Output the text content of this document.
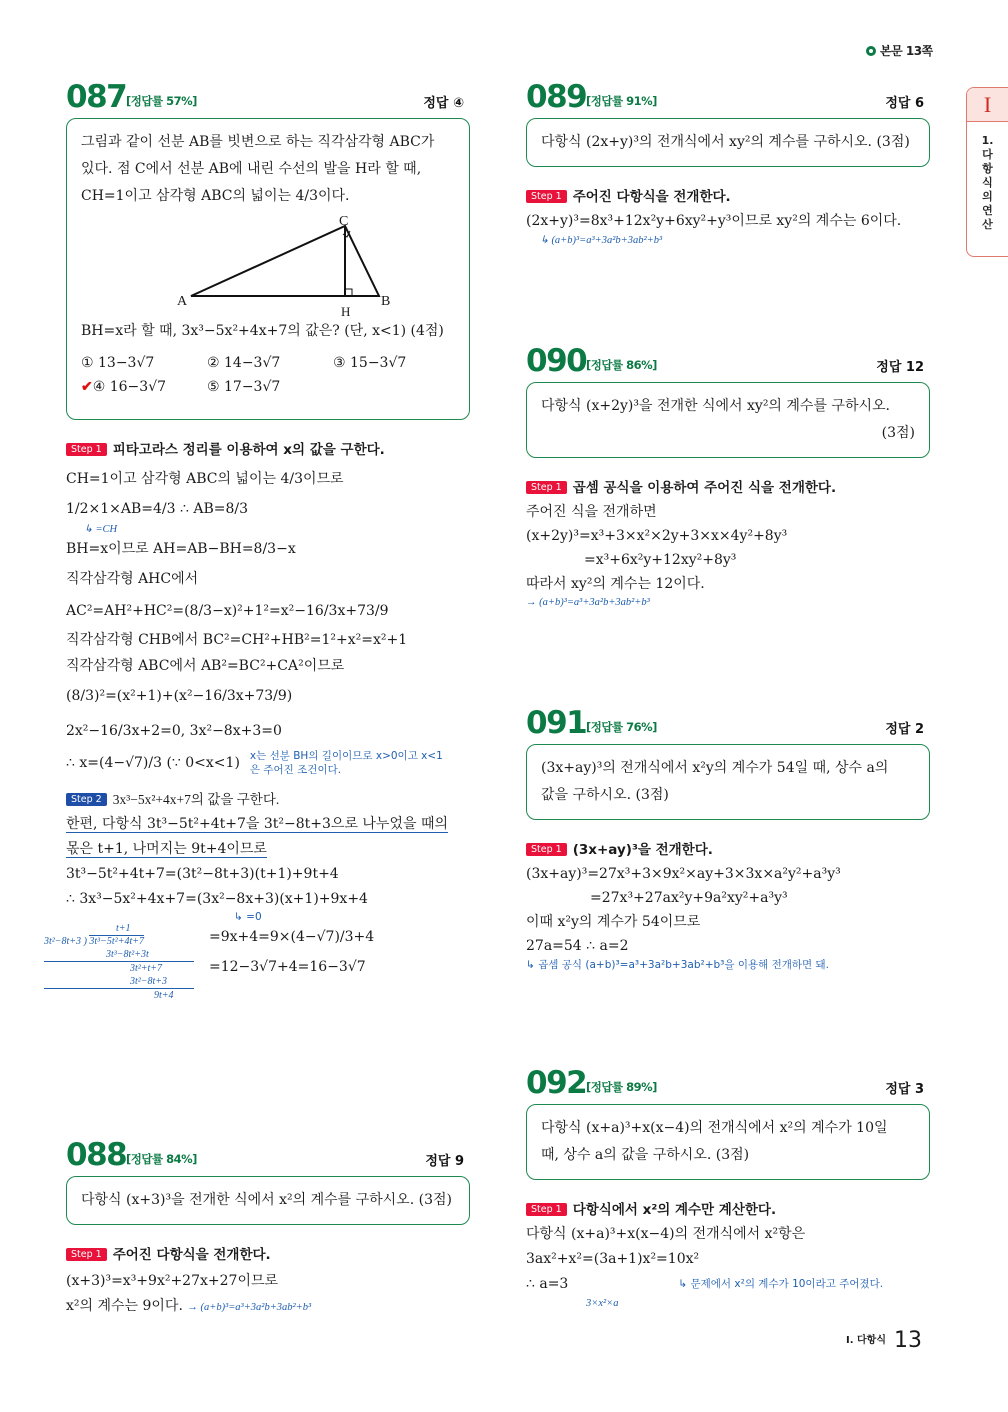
본문 13쪽
I
1.다항식의연산
087 [정답률 57%]	정답 ④
그림과 같이 선분 AB를 빗변으로 하는 직각삼각형 ABC가
있다. 점 C에서 선분 AB에 내린 수선의 발을 H라 할 때,
CH=1이고 삼각형 ABC의 넓이는 4/3이다.
A	B
C
H
BH=x라 할 때, 3x³−5x²+4x+7의 값은? (단, x<1) (4점)
① 13−3√7	② 14−3√7	③ 15−3√7
✔④ 16−3√7	⑤ 17−3√7
Step 1 피타고라스 정리를 이용하여 x의 값을 구한다.
CH=1이고 삼각형 ABC의 넓이는 4/3이므로
1/2×1×AB=4/3 ∴ AB=8/3
↳ =CH
BH=x이므로 AH=AB−BH=8/3−x
직각삼각형 AHC에서
AC²=AH²+HC²=(8/3−x)²+1²=x²−16/3x+73/9
직각삼각형 CHB에서 BC²=CH²+HB²=1²+x²=x²+1
직각삼각형 ABC에서 AB²=BC²+CA²이므로
(8/3)²=(x²+1)+(x²−16/3x+73/9)
2x²−16/3x+2=0, 3x²−8x+3=0
∴ x=(4−√7)/3 (∵ 0<x<1) x는 선분 BH의 길이이므로 x>0이고 x<1은 주어진 조건이다.
Step 2 3x³−5x²+4x+7의 값을 구한다.
한편, 다항식 3t³−5t²+4t+7을 3t²−8t+3으로 나누었을 때의
몫은 t+1, 나머지는 9t+4이므로
3t³−5t²+4t+7=(3t²−8t+3)(t+1)+9t+4
∴ 3x³−5x²+4x+7=(3x²−8x+3)(x+1)+9x+4
↳ =0
t+1
3t²−8t+3 ) 3t³−5t²+4t+7
3t³−8t²+3t
3t²+t+7
3t²−8t+3
9t+4
=9x+4=9×(4−√7)/3+4
=12−3√7+4=16−3√7
088 [정답률 84%]	정답 9
다항식 (x+3)³을 전개한 식에서 x²의 계수를 구하시오. (3점)
Step 1 주어진 다항식을 전개한다.
(x+3)³=x³+9x²+27x+27이므로
x²의 계수는 9이다. → (a+b)³=a³+3a²b+3ab²+b³
089 [정답률 91%]	정답 6
다항식 (2x+y)³의 전개식에서 xy²의 계수를 구하시오. (3점)
Step 1 주어진 다항식을 전개한다.
(2x+y)³=8x³+12x²y+6xy²+y³이므로 xy²의 계수는 6이다.
↳ (a+b)³=a³+3a²b+3ab²+b³
090 [정답률 86%]	정답 12
다항식 (x+2y)³을 전개한 식에서 xy²의 계수를 구하시오.
(3점)
Step 1 곱셈 공식을 이용하여 주어진 식을 전개한다.
주어진 식을 전개하면
(x+2y)³=x³+3×x²×2y+3×x×4y²+8y³
=x³+6x²y+12xy²+8y³
따라서 xy²의 계수는 12이다.
→ (a+b)³=a³+3a²b+3ab²+b³
091 [정답률 76%]	정답 2
(3x+ay)³의 전개식에서 x²y의 계수가 54일 때, 상수 a의
값을 구하시오. (3점)
Step 1 (3x+ay)³을 전개한다.
(3x+ay)³=27x³+3×9x²×ay+3×3x×a²y²+a³y³
=27x³+27ax²y+9a²xy²+a³y³
이때 x²y의 계수가 54이므로
27a=54 ∴ a=2
↳ 곱셈 공식 (a+b)³=a³+3a²b+3ab²+b³을 이용해 전개하면 돼.
092 [정답률 89%]	정답 3
다항식 (x+a)³+x(x−4)의 전개식에서 x²의 계수가 10일
때, 상수 a의 값을 구하시오. (3점)
Step 1 다항식에서 x²의 계수만 계산한다.
다항식 (x+a)³+x(x−4)의 전개식에서 x²항은
3ax²+x²=(3a+1)x²=10x²
∴ a=3	↳ 문제에서 x²의 계수가 10이라고 주어졌다.
3×x²×a
$^{I. 다항식}$ 13
